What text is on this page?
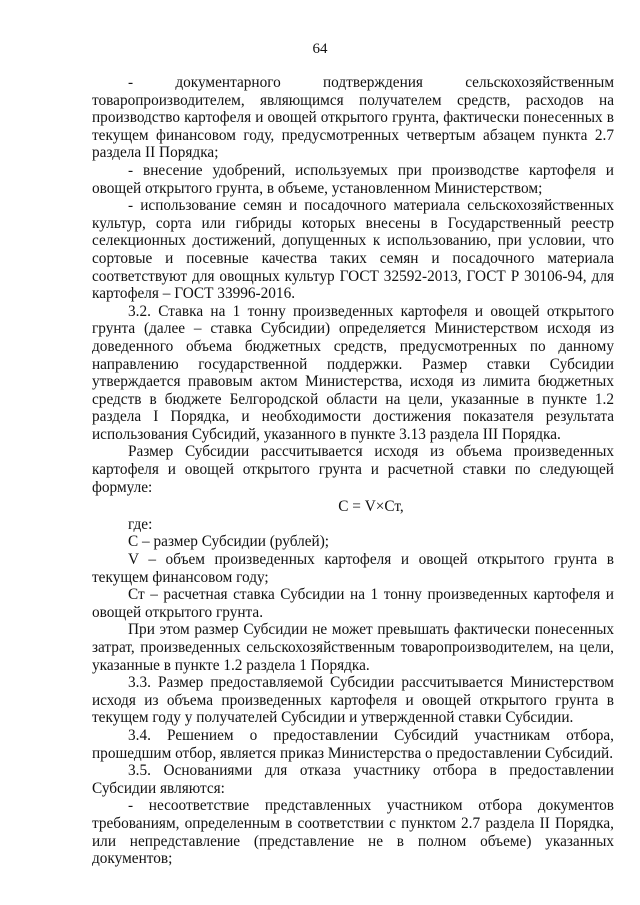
64

- документарного подтверждения сельскохозяйственным товаропроизводителем, являющимся получателем средств, расходов на производство картофеля и овощей открытого грунта, фактически понесенных в текущем финансовом году, предусмотренных четвертым абзацем пункта 2.7 раздела II Порядка;

- внесение удобрений, используемых при производстве картофеля и овощей открытого грунта, в объеме, установленном Министерством;

- использование семян и посадочного материала сельскохозяйственных культур, сорта или гибриды которых внесены в Государственный реестр селекционных достижений, допущенных к использованию, при условии, что сортовые и посевные качества таких семян и посадочного материала соответствуют для овощных культур ГОСТ 32592-2013, ГОСТ Р 30106-94, для картофеля – ГОСТ 33996-2016.

3.2. Ставка на 1 тонну произведенных картофеля и овощей открытого грунта (далее – ставка Субсидии) определяется Министерством исходя из доведенного объема бюджетных средств, предусмотренных по данному направлению государственной поддержки. Размер ставки Субсидии утверждается правовым актом Министерства, исходя из лимита бюджетных средств в бюджете Белгородской области на цели, указанные в пункте 1.2 раздела I Порядка, и необходимости достижения показателя результата использования Субсидий, указанного в пункте 3.13 раздела III Порядка.

Размер Субсидии рассчитывается исходя из объема произведенных картофеля и овощей открытого грунта и расчетной ставки по следующей формуле:

С = V×Ст,

где:

С – размер Субсидии (рублей);

V – объем произведенных картофеля и овощей открытого грунта в текущем финансовом году;

Ст – расчетная ставка Субсидии на 1 тонну произведенных картофеля и овощей открытого грунта.

При этом размер Субсидии не может превышать фактически понесенных затрат, произведенных сельскохозяйственным товаропроизводителем, на цели, указанные в пункте 1.2 раздела 1 Порядка.

3.3. Размер предоставляемой Субсидии рассчитывается Министерством исходя из объема произведенных картофеля и овощей открытого грунта в текущем году у получателей Субсидии и утвержденной ставки Субсидии.

3.4. Решением о предоставлении Субсидий участникам отбора, прошедшим отбор, является приказ Министерства о предоставлении Субсидий.

3.5. Основаниями для отказа участнику отбора в предоставлении Субсидии являются:

- несоответствие представленных участником отбора документов требованиям, определенным в соответствии с пунктом 2.7 раздела II Порядка, или непредставление (представление не в полном объеме) указанных документов;
